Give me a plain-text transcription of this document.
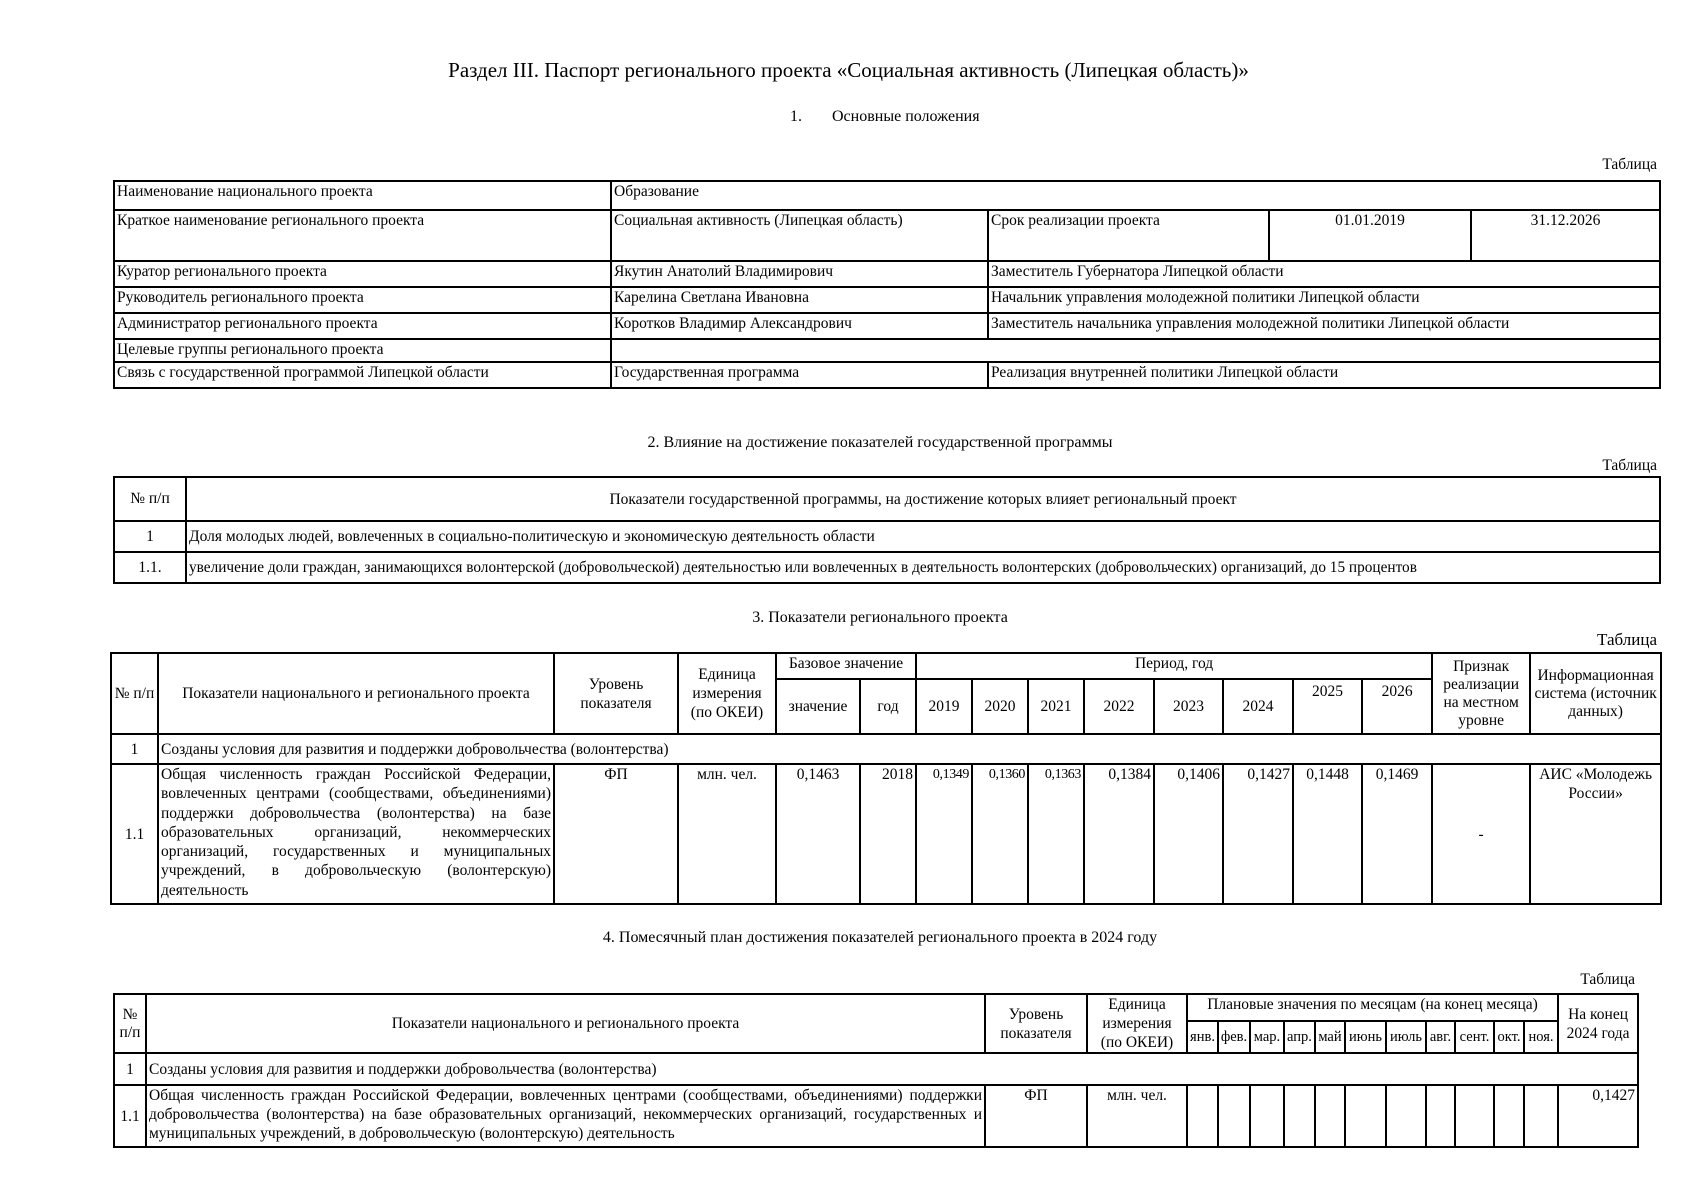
Раздел III. Паспорт регионального проекта «Социальная активность (Липецкая область)»
1. Основные положения
Таблица
Наименование национального проекта	Образование			
Краткое наименование регионального проекта	Социальная активность (Липецкая область)	Срок реализации проекта	01.01.2019	31.12.2026
Куратор регионального проекта	Якутин Анатолий Владимирович	Заместитель Губернатора Липецкой области		
Руководитель регионального проекта	Карелина Светлана Ивановна	Начальник управления молодежной политики Липецкой области		
Администратор регионального проекта	Коротков Владимир Александрович	Заместитель начальника управления молодежной политики Липецкой области		
Целевые группы регионального проекта				
Связь с государственной программой Липецкой области	Государственная программа	Реализация внутренней политики Липецкой области		
2. Влияние на достижение показателей государственной программы
Таблица
№ п/п	Показатели государственной программы, на достижение которых влияет региональный проект
1	Доля молодых людей, вовлеченных в социально-политическую и экономическую деятельность области
1.1.	увеличение доли граждан, занимающихся волонтерской (добровольческой) деятельностью или вовлеченных в деятельность волонтерских (добровольческих) организаций, до 15 процентов
3. Показатели регионального проекта
Таблица
№ п/п	Показатели национального и регионального проекта	Уровень показателя	Единица измерения (по ОКЕИ)	Базовое значение		Период, год								Признак реализации на местном уровне	Информационная система (источник данных)
				значение	год	2019	2020	2021	2022	2023	2024	2025	2026		
1	Созданы условия для развития и поддержки добровольчества (волонтерства)														
1.1	Общая численность граждан Российской Федерации, вовлеченных центрами (сообществами, объединениями) поддержки добровольчества (волонтерства) на базе образовательных организаций, некоммерческих организаций, государственных и муниципальных учреждений, в добровольческую (волонтерскую) деятельность	ФП	млн. чел.	0,1463	2018	0,1349	0,1360	0,1363	0,1384	0,1406	0,1427	0,1448	0,1469	-	АИС «Молодежь России»
4. Помесячный план достижения показателей регионального проекта в 2024 году
Таблица
№ п/п	Показатели национального и регионального проекта	Уровень показателя	Единица измерения (по ОКЕИ)	Плановые значения по месяцам (на конец месяца)											На конец 2024 года
				янв.	фев.	мар.	апр.	май	июнь	июль	авг.	сент.	окт.	ноя.	
1	Созданы условия для развития и поддержки добровольчества (волонтерства)														
1.1	Общая численность граждан Российской Федерации, вовлеченных центрами (сообществами, объединениями) поддержки добровольчества (волонтерства) на базе образовательных организаций, некоммерческих организаций, государственных и муниципальных учреждений, в добровольческую (волонтерскую) деятельность	ФП	млн. чел.												0,1427
